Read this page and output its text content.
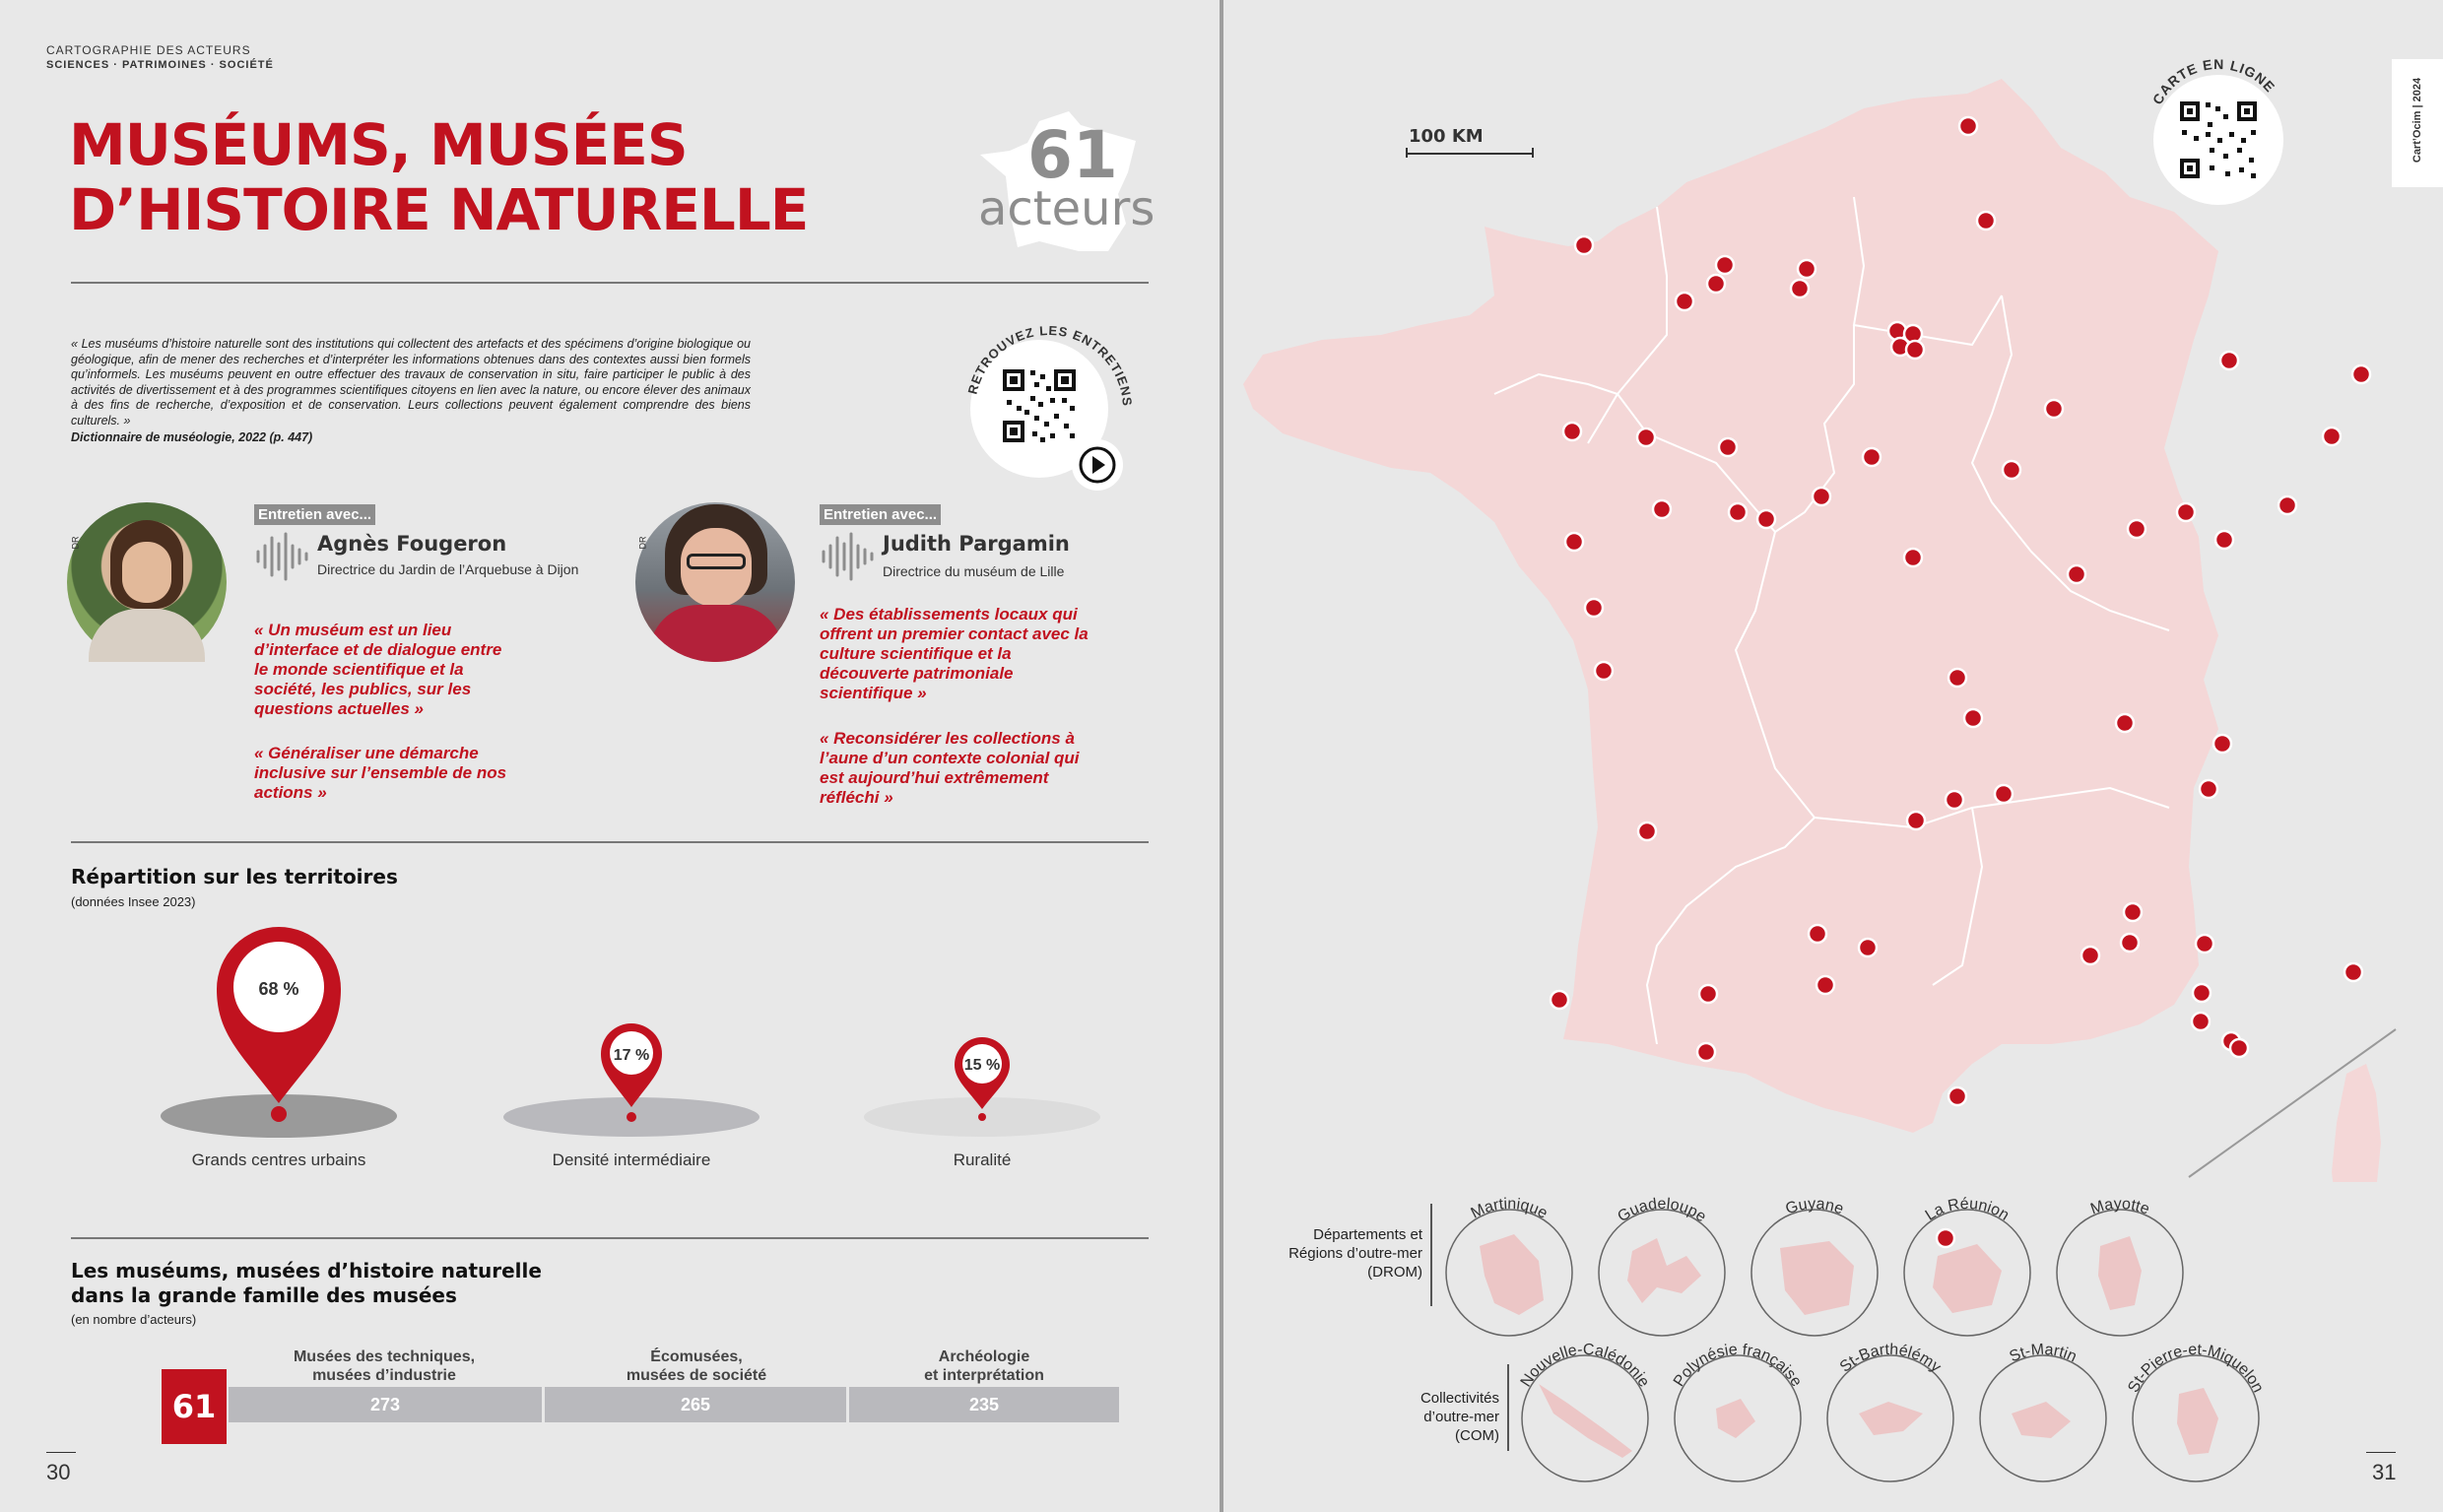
CARTOGRAPHIE DES ACTEURS
SCIENCES · PATRIMOINES · SOCIÉTÉ
MUSÉUMS, MUSÉES
D’HISTOIRE NATURELLE
61
acteurs
« Les muséums d’histoire naturelle sont des institutions qui collectent des artefacts et des spécimens d’origine biologique ou géologique, afin de mener des recherches et d’interpréter les informations obtenues dans des contextes aussi bien formels qu’informels. Les muséums peuvent en outre effectuer des travaux de conservation in situ, faire participer le public à des activités de divertissement et à des programmes scientifiques citoyens en lien avec la nature, ou encore élever des animaux à des fins de recherche, d’exposition et de conservation. Leurs collections peuvent également comprendre des biens culturels. »
Dictionnaire de muséologie, 2022 (p. 447)
RETROUVEZ LES ENTRETIENS
DR
Entretien avec...
Agnès Fougeron
Directrice du Jardin de l’Arquebuse à Dijon
« Un muséum est un lieu d’interface et de dialogue entre le monde scientifique et la société, les publics, sur les questions actuelles »
« Généraliser une démarche inclusive sur l’ensemble de nos actions »
DR
Entretien avec...
Judith Pargamin
Directrice du muséum de Lille
« Des établissements locaux qui offrent un premier contact avec la culture scientifique et la découverte patrimoniale scientifique »
« Reconsidérer les collections à l’aune d’un contexte colonial qui est aujourd’hui extrêmement réfléchi »
Répartition sur les territoires
(données Insee 2023)
68 %
17 %
15 %
Grands centres urbains	Densité intermédiaire	Ruralité
Les muséums, musées d’histoire naturelle
dans la grande famille des musées
(en nombre d’acteurs)
Musées des techniques,
musées d’industrie
Écomusées,
musées de société
Archéologie
et interprétation
61	273	265	235
30
100 KM	Cart’Ocim | 2024
CARTE EN LIGNE
Départements et Régions d’outre-mer (DROM)
Martinique	Guadeloupe	Guyane	La Réunion	Mayotte
Nouvelle-Calédonie Polynésie française
St-Barthélémy
St-Martin
St-Pierre-et-Miquelon
Collectivités d’outre-mer (COM)
31
